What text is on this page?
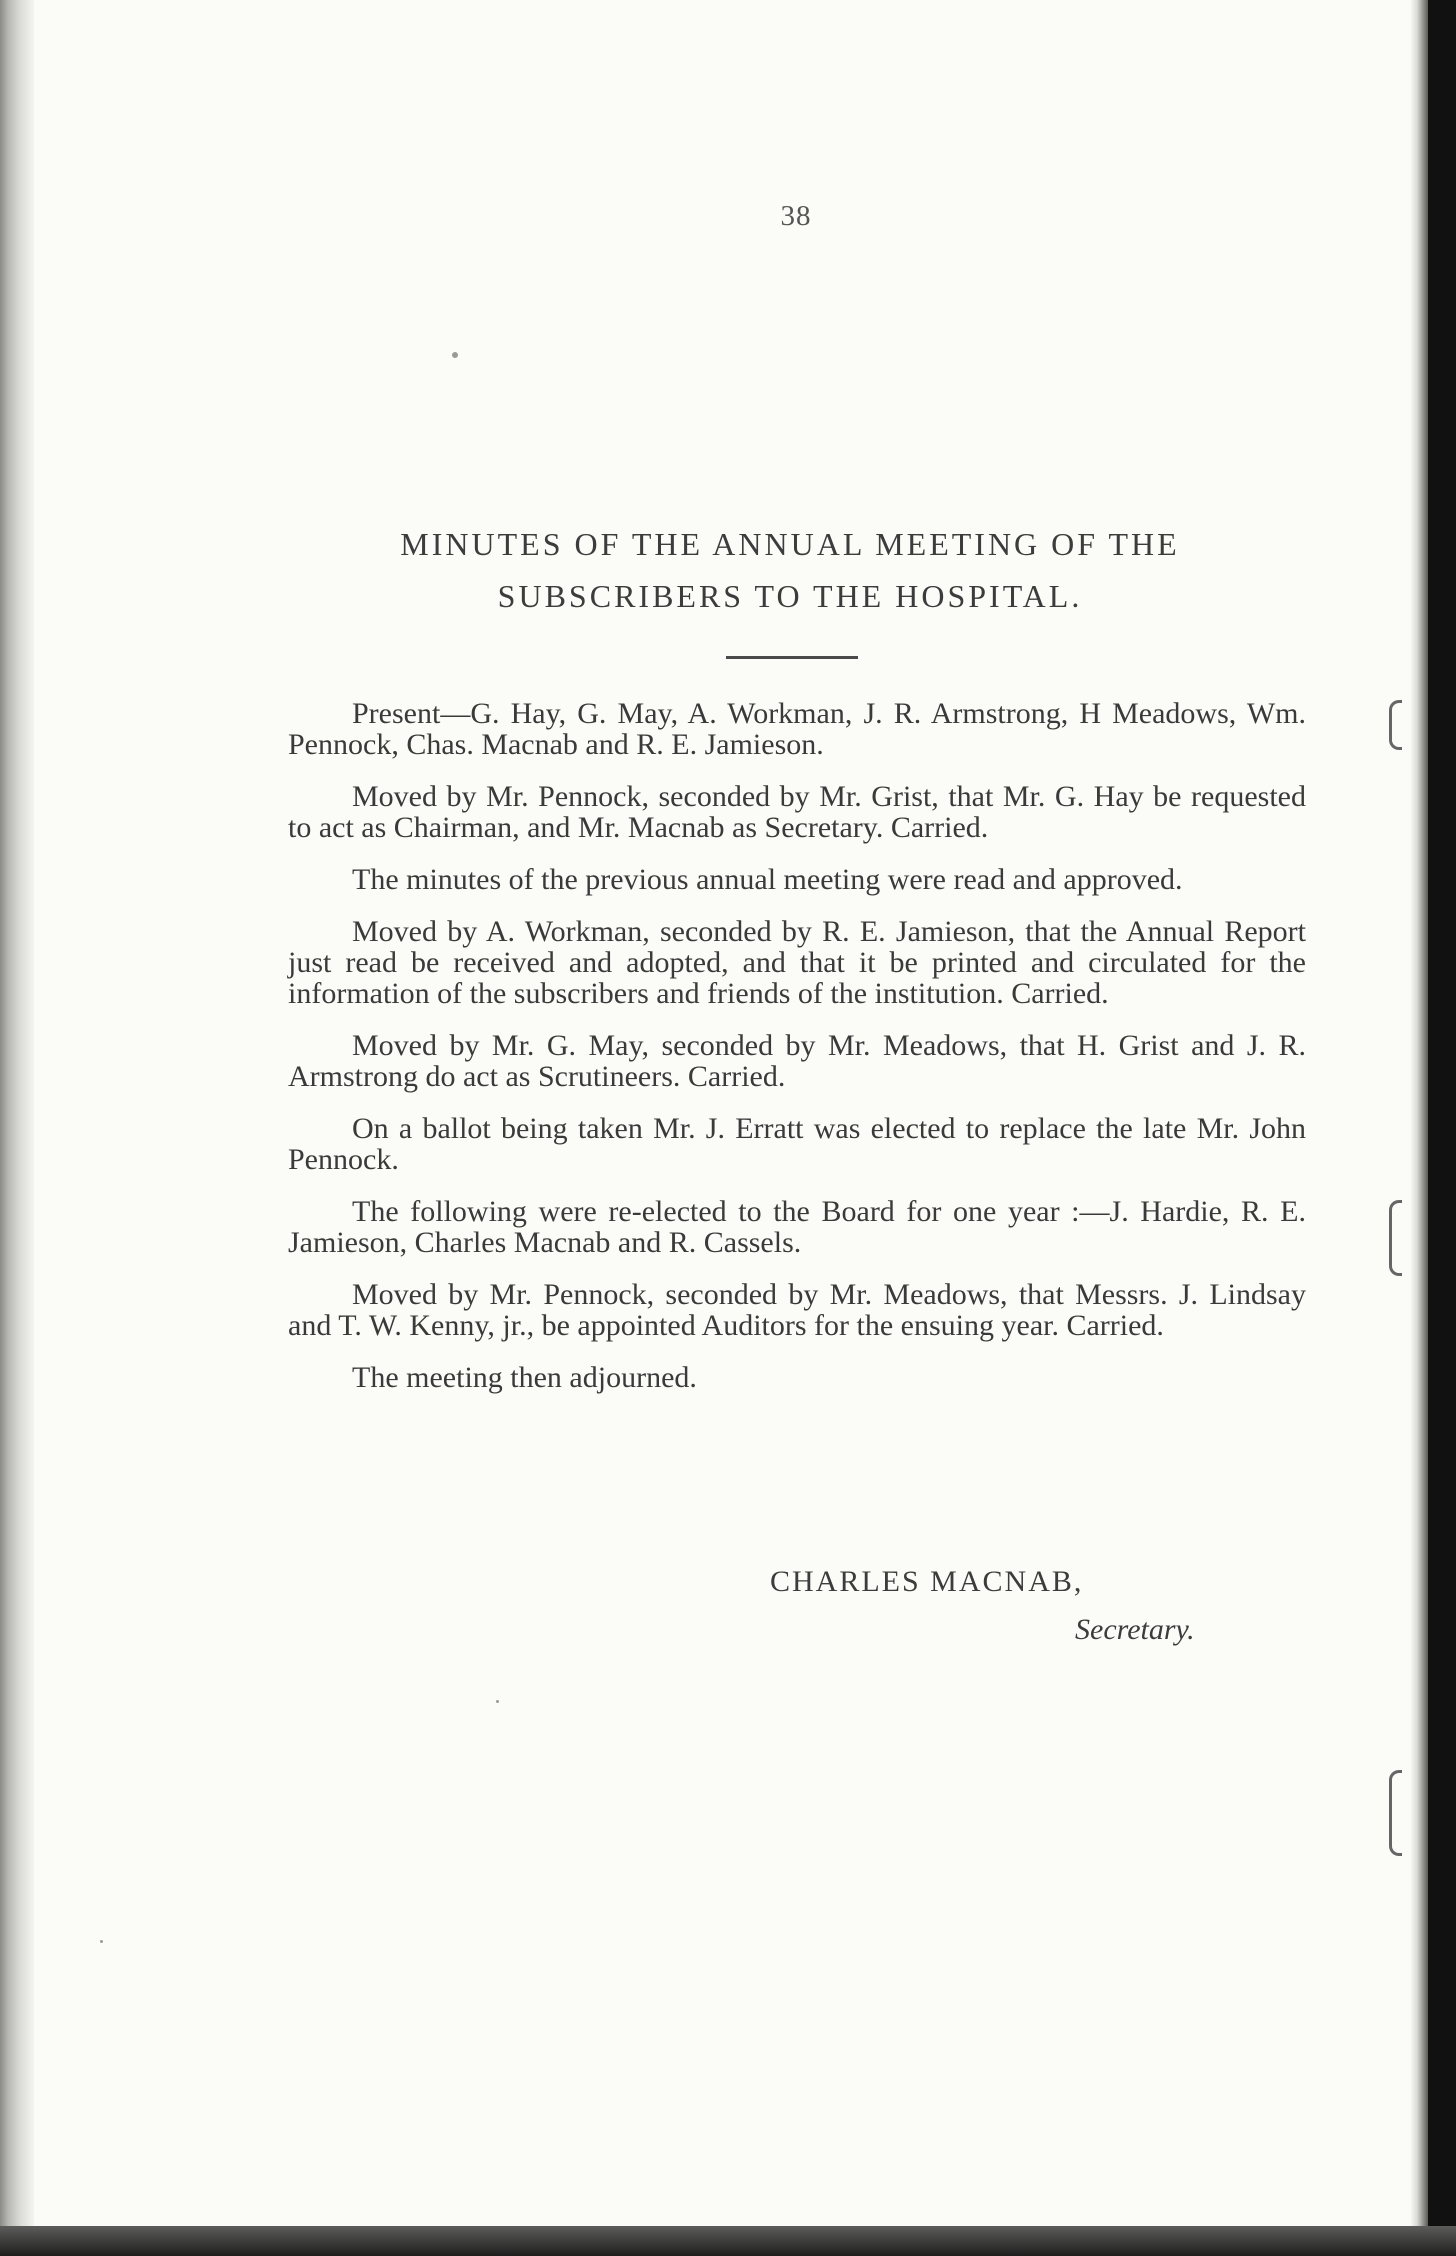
38
MINUTES OF THE ANNUAL MEETING OF THE
SUBSCRIBERS TO THE HOSPITAL.

Present—G. Hay, G. May, A. Workman, J. R. Armstrong, H Meadows, Wm. Pennock, Chas. Macnab and R. E. Jamieson.

Moved by Mr. Pennock, seconded by Mr. Grist, that Mr. G. Hay be requested to act as Chairman, and Mr. Macnab as Secretary. Carried.

The minutes of the previous annual meeting were read and approved.

Moved by A. Workman, seconded by R. E. Jamieson, that the Annual Report just read be received and adopted, and that it be printed and circulated for the information of the subscribers and friends of the institution. Carried.

Moved by Mr. G. May, seconded by Mr. Meadows, that H. Grist and J. R. Armstrong do act as Scrutineers. Carried.

On a ballot being taken Mr. J. Erratt was elected to replace the late Mr. John Pennock.

The following were re-elected to the Board for one year :—J. Hardie, R. E. Jamieson, Charles Macnab and R. Cassels.

Moved by Mr. Pennock, seconded by Mr. Meadows, that Messrs. J. Lindsay and T. W. Kenny, jr., be appointed Auditors for the ensuing year. Carried.

The meeting then adjourned.

CHARLES MACNAB,
Secretary.
